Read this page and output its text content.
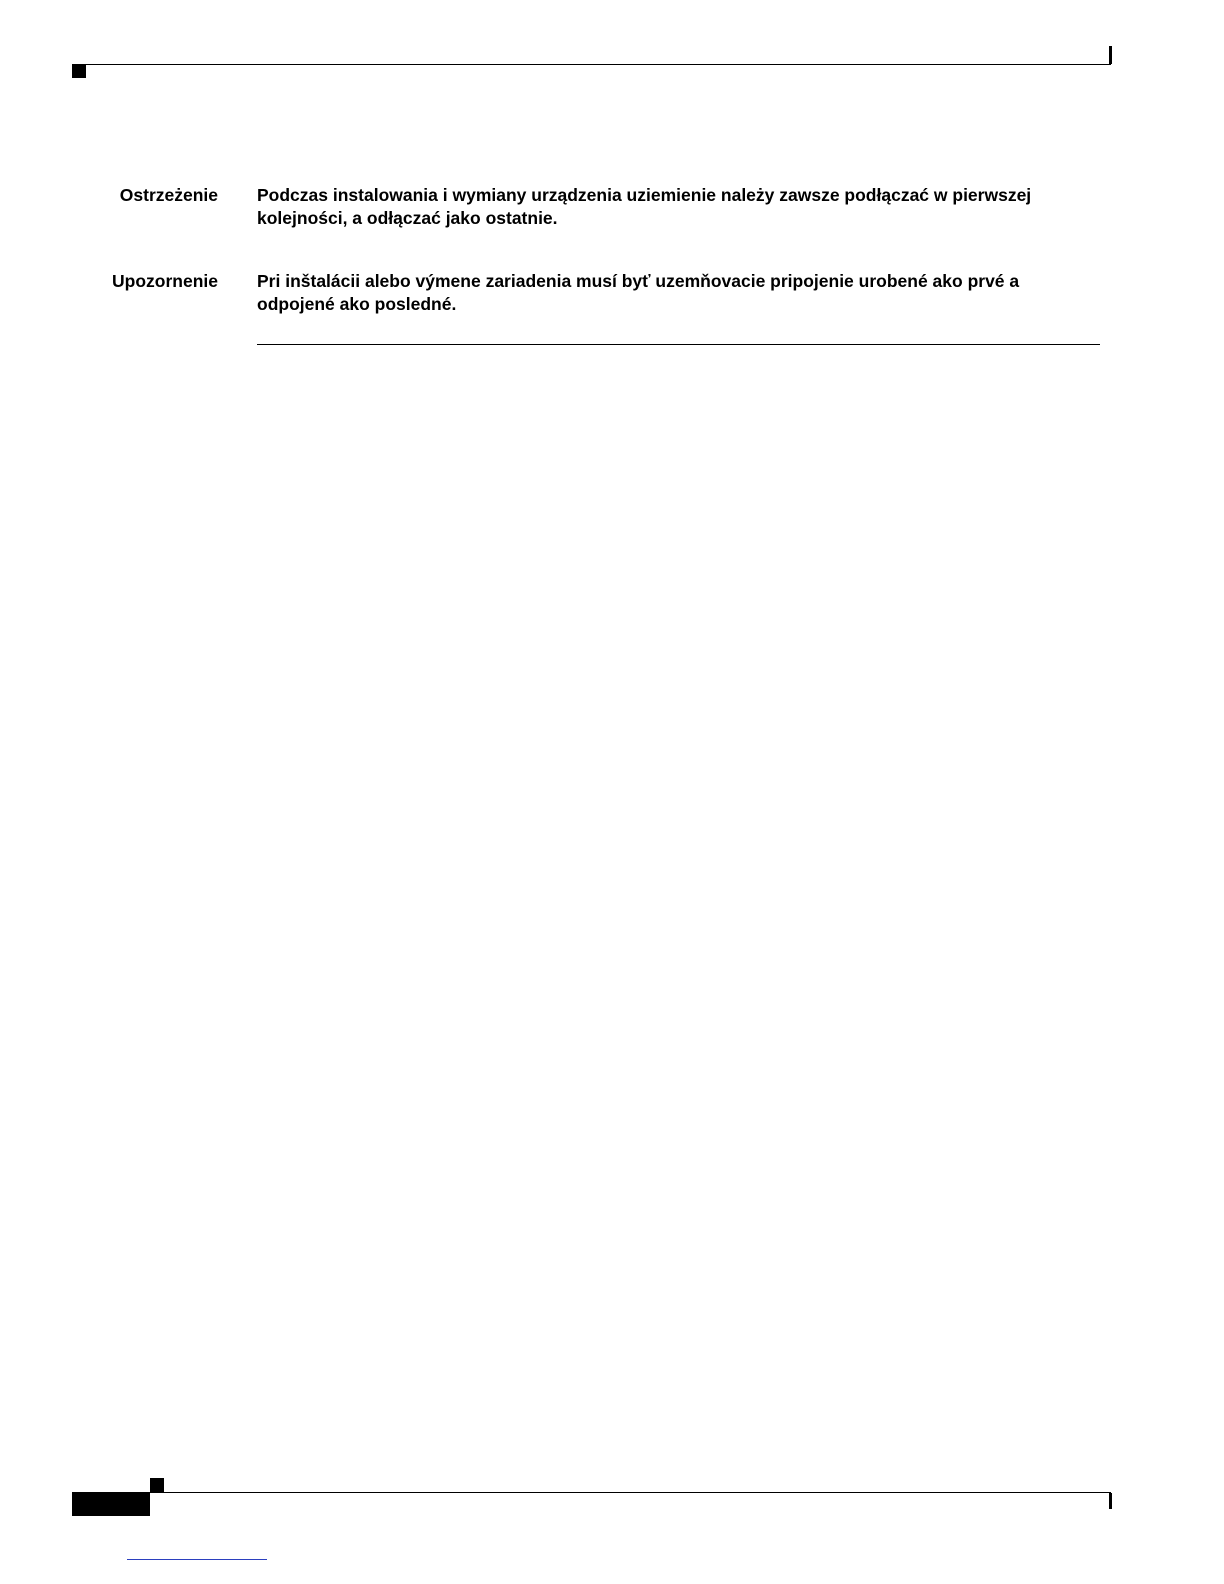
Ostrzeżenie Podczas instalowania i wymiany urządzenia uziemienie należy zawsze podłączać w pierwszej
kolejności, a odłączać jako ostatnie.
Upozornenie Pri inštalácii alebo výmene zariadenia musí byť uzemňovacie pripojenie urobené ako prvé a
odpojené ako posledné.
